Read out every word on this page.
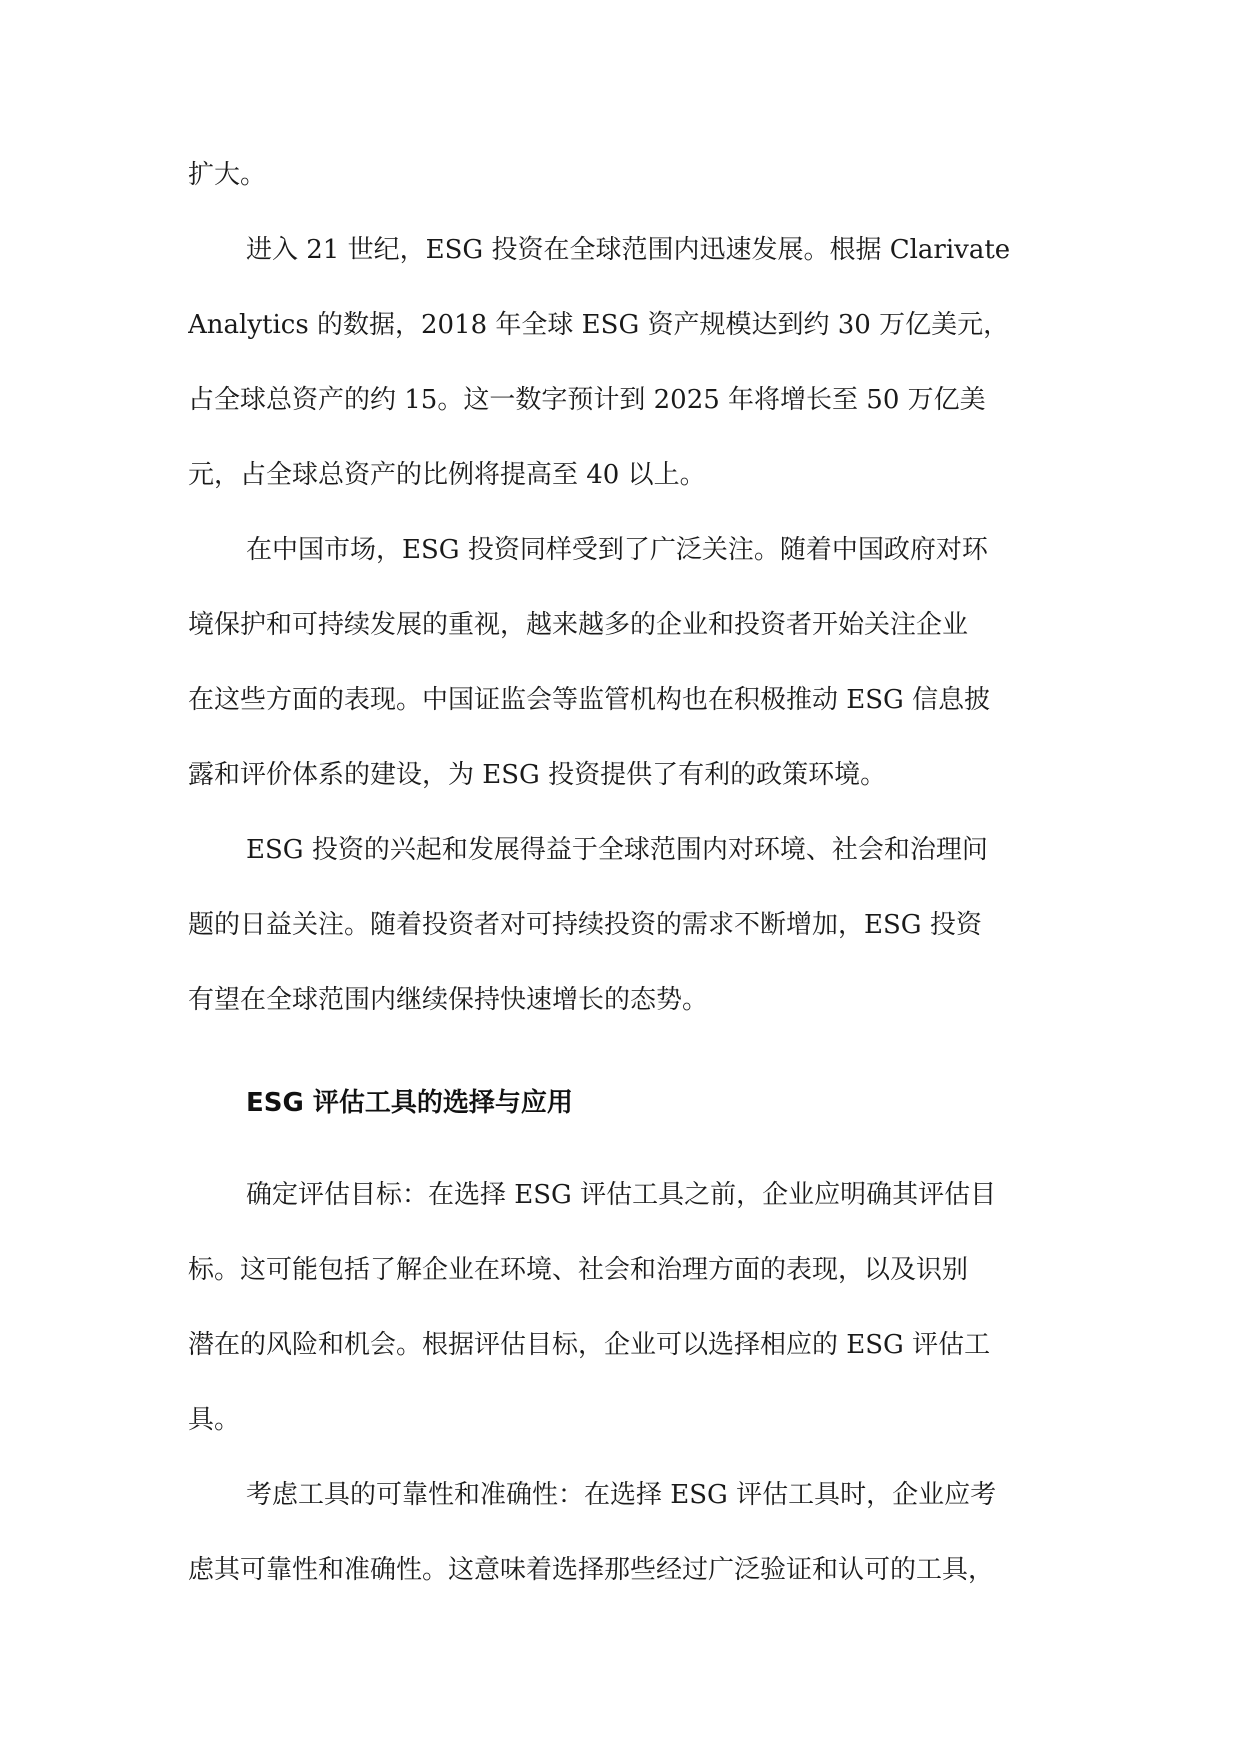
扩大。
进入 21 世纪，ESG 投资在全球范围内迅速发展。根据 Clarivate
Analytics 的数据，2018 年全球 ESG 资产规模达到约 30 万亿美元，
占全球总资产的约 15。这一数字预计到 2025 年将增长至 50 万亿美
元，占全球总资产的比例将提高至 40 以上。
在中国市场，ESG 投资同样受到了广泛关注。随着中国政府对环
境保护和可持续发展的重视，越来越多的企业和投资者开始关注企业
在这些方面的表现。中国证监会等监管机构也在积极推动 ESG 信息披
露和评价体系的建设，为 ESG 投资提供了有利的政策环境。
ESG 投资的兴起和发展得益于全球范围内对环境、社会和治理问
题的日益关注。随着投资者对可持续投资的需求不断增加，ESG 投资
有望在全球范围内继续保持快速增长的态势。
ESG 评估工具的选择与应用
确定评估目标：在选择 ESG 评估工具之前，企业应明确其评估目
标。这可能包括了解企业在环境、社会和治理方面的表现，以及识别
潜在的风险和机会。根据评估目标，企业可以选择相应的 ESG 评估工
具。
考虑工具的可靠性和准确性：在选择 ESG 评估工具时，企业应考
虑其可靠性和准确性。这意味着选择那些经过广泛验证和认可的工具，
